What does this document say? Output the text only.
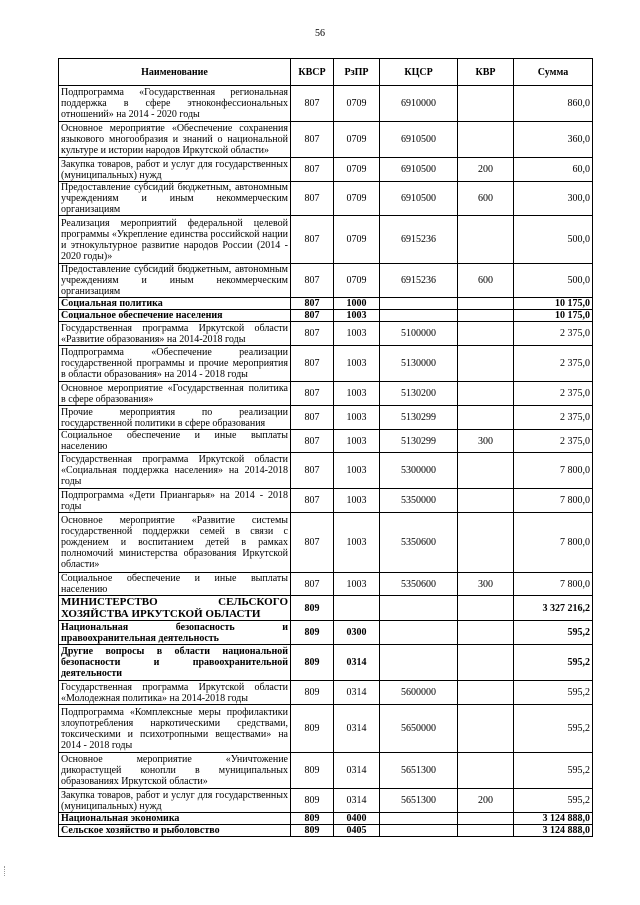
56
Наименование	КВСР	РзПР	КЦСР	КВР	Сумма
Подпрограмма «Государственная региональная поддержка в сфере этноконфессиональных отношений» на 2014 - 2020 годы	807	0709	6910000		860,0
Основное мероприятие «Обеспечение сохранения языкового многообразия и знаний о национальной культуре и истории народов Иркутской области»	807	0709	6910500		360,0
Закупка товаров, работ и услуг для государственных (муниципальных) нужд	807	0709	6910500	200	60,0
Предоставление субсидий бюджетным, автономным учреждениям и иным некоммерческим организациям	807	0709	6910500	600	300,0
Реализация мероприятий федеральной целевой программы «Укрепление единства российской нации и этнокультурное развитие народов России (2014 - 2020 годы)»	807	0709	6915236		500,0
Предоставление субсидий бюджетным, автономным учреждениям и иным некоммерческим организациям	807	0709	6915236	600	500,0
Социальная политика	807	1000			10 175,0
Социальное обеспечение населения	807	1003			10 175,0
Государственная программа Иркутской области «Развитие образования» на 2014-2018 годы	807	1003	5100000		2 375,0
Подпрограмма «Обеспечение реализации государственной программы и прочие мероприятия в области образования» на 2014 - 2018 годы	807	1003	5130000		2 375,0
Основное мероприятие «Государственная политика в сфере образования»	807	1003	5130200		2 375,0
Прочие мероприятия по реализации государственной политики в сфере образования	807	1003	5130299		2 375,0
Социальное обеспечение и иные выплаты населению	807	1003	5130299	300	2 375,0
Государственная программа Иркутской области «Социальная поддержка населения» на 2014-2018 годы	807	1003	5300000		7 800,0
Подпрограмма «Дети Приангарья» на 2014 - 2018 годы	807	1003	5350000		7 800,0
Основное мероприятие «Развитие системы государственной поддержки семей в связи с рождением и воспитанием детей в рамках полномочий министерства образования Иркутской области»	807	1003	5350600		7 800,0
Социальное обеспечение и иные выплаты населению	807	1003	5350600	300	7 800,0
МИНИСТЕРСТВО СЕЛЬСКОГО ХОЗЯЙСТВА ИРКУТСКОЙ ОБЛАСТИ	809				3 327 216,2
Национальная безопасность и правоохранительная деятельность	809	0300			595,2
Другие вопросы в области национальной безопасности и правоохранительной деятельности	809	0314			595,2
Государственная программа Иркутской области «Молодежная политика» на 2014-2018 годы	809	0314	5600000		595,2
Подпрограмма «Комплексные меры профилактики злоупотребления наркотическими средствами, токсическими и психотропными веществами» на 2014 - 2018 годы	809	0314	5650000		595,2
Основное мероприятие «Уничтожение дикорастущей конопли в муниципальных образованиях Иркутской области»	809	0314	5651300		595,2
Закупка товаров, работ и услуг для государственных (муниципальных) нужд	809	0314	5651300	200	595,2
Национальная экономика	809	0400			3 124 888,0
Сельское хозяйство и рыболовство	809	0405			3 124 888,0
